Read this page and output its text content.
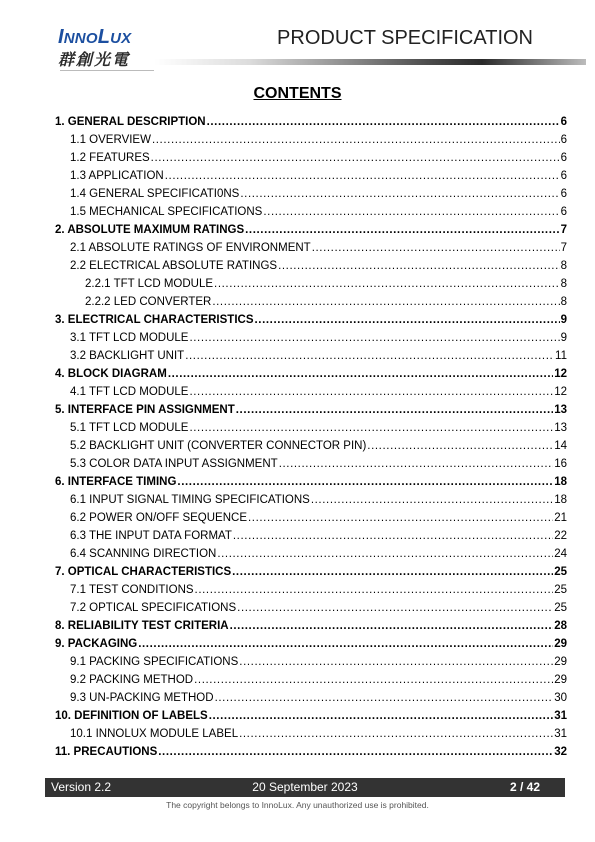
INNOLUX
群創光電
PRODUCT SPECIFICATION
CONTENTS
1. GENERAL DESCRIPTION .....	6
1.1 OVERVIEW .....	6
1.2 FEATURES .....	6
1.3 APPLICATION .....	6
1.4 GENERAL SPECIFICATI0NS .....	6
1.5 MECHANICAL SPECIFICATIONS .....	6
2. ABSOLUTE MAXIMUM RATINGS .....	7
2.1 ABSOLUTE RATINGS OF ENVIRONMENT .....	7
2.2 ELECTRICAL ABSOLUTE RATINGS .....	8
2.2.1 TFT LCD MODULE .....	8
2.2.2 LED CONVERTER .....	8
3. ELECTRICAL CHARACTERISTICS .....	9
3.1 TFT LCD MODULE .....	9
3.2 BACKLIGHT UNIT .....	11
4. BLOCK DIAGRAM .....	12
4.1 TFT LCD MODULE .....	12
5. INTERFACE PIN ASSIGNMENT .....	13
5.1 TFT LCD MODULE .....	13
5.2 BACKLIGHT UNIT (CONVERTER CONNECTOR PIN) .....	14
5.3 COLOR DATA INPUT ASSIGNMENT .....	16
6. INTERFACE TIMING .....	18
6.1 INPUT SIGNAL TIMING SPECIFICATIONS .....	18
6.2 POWER ON/OFF SEQUENCE .....	21
6.3 THE INPUT DATA FORMAT .....	22
6.4 SCANNING DIRECTION .....	24
7. OPTICAL CHARACTERISTICS .....	25
7.1 TEST CONDITIONS .....	25
7.2 OPTICAL SPECIFICATIONS .....	25
8. RELIABILITY TEST CRITERIA .....	28
9. PACKAGING .....	29
9.1 PACKING SPECIFICATIONS .....	29
9.2 PACKING METHOD .....	29
9.3 UN-PACKING METHOD .....	30
10. DEFINITION OF LABELS .....	31
10.1 INNOLUX MODULE LABEL .....	31
11. PRECAUTIONS .....	32
Version 2.2	20 September 2023	2 / 42
The copyright belongs to InnoLux. Any unauthorized use is prohibited.
